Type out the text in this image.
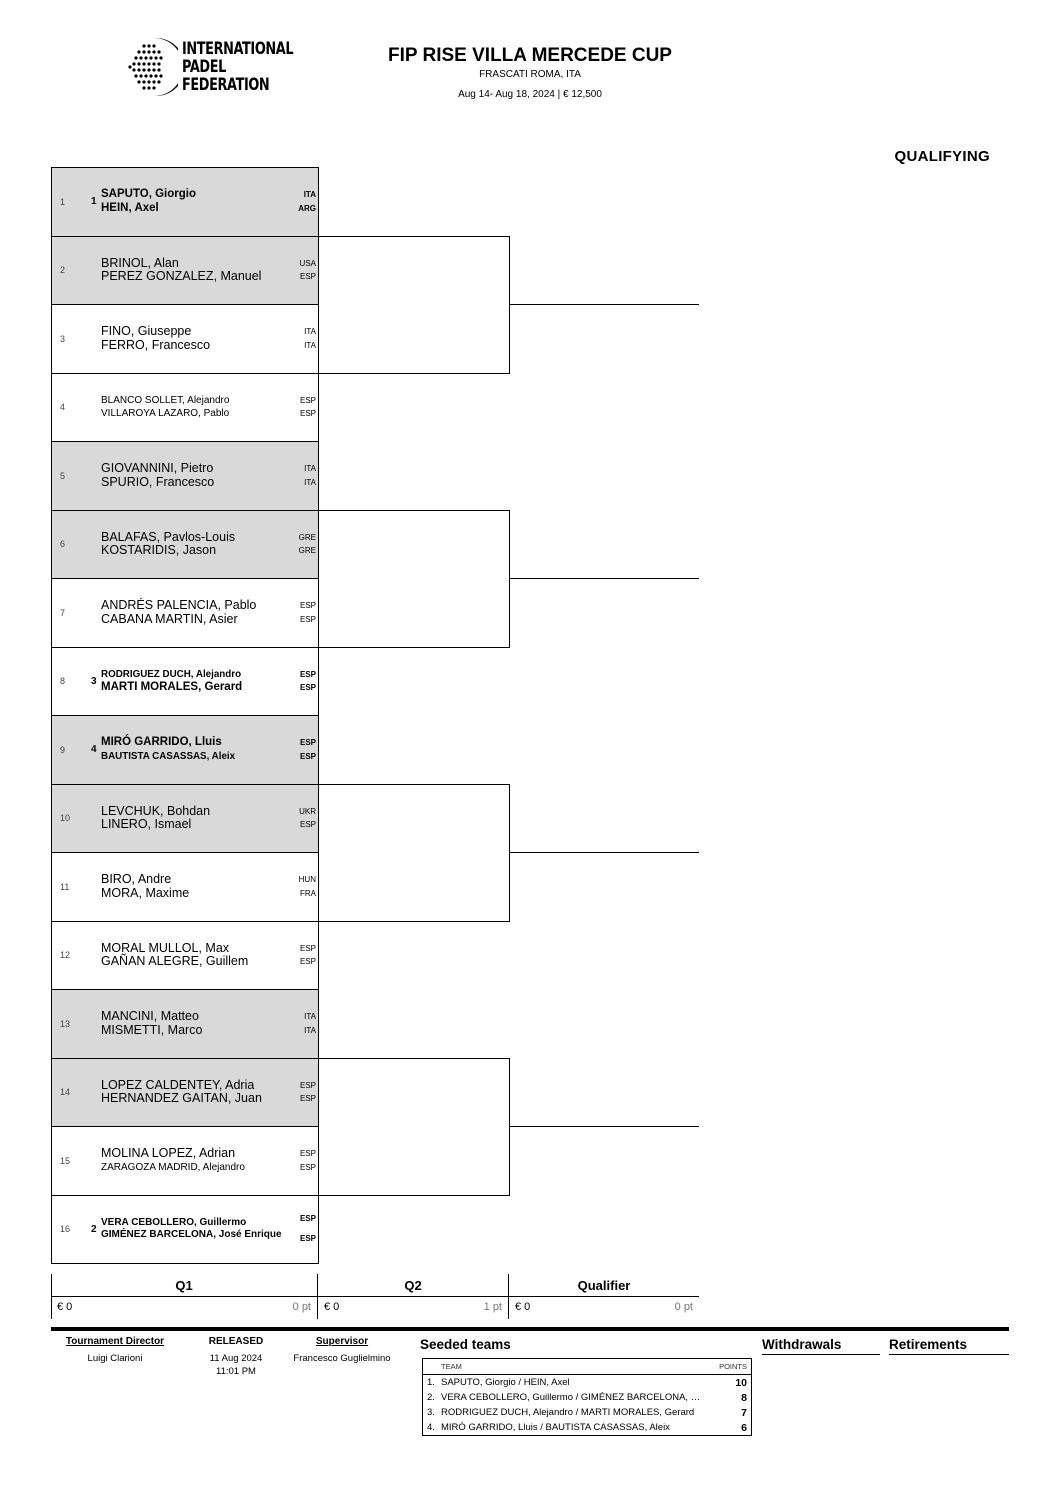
INTERNATIONAL
PADEL
FEDERATION
FIP RISE VILLA MERCEDE CUP
FRASCATI ROMA, ITA
Aug 14- Aug 18, 2024 | € 12,500
QUALIFYING
1	1
SAPUTO, Giorgio
HEIN, Axel
ITA
ARG
2
BRINOL, Alan
PEREZ GONZALEZ, Manuel
USA
ESP
3
FINO, Giuseppe
FERRO, Francesco
ITA
ITA
4
BLANCO SOLLET, Alejandro
VILLAROYA LAZARO, Pablo
ESP
ESP
5
GIOVANNINI, Pietro
SPURIO, Francesco
ITA
ITA
6
BALAFAS, Pavlos-Louis
KOSTARIDIS, Jason
GRE
GRE
7
ANDRÉS PALENCIA, Pablo
CABANA MARTIN, Asier
ESP
ESP
8	3
RODRIGUEZ DUCH, Alejandro
MARTI MORALES, Gerard
ESP
ESP
9	4
MIRÓ GARRIDO, Lluis
BAUTISTA CASASSAS, Aleix
ESP
ESP
10
LEVCHUK, Bohdan
LINERO, Ismael
UKR
ESP
11
BIRO, Andre
MORA, Maxime
HUN
FRA
12
MORAL MULLOL, Max
GAÑAN ALEGRE, Guillem
ESP
ESP
13
MANCINI, Matteo
MISMETTI, Marco
ITA
ITA
14
LOPEZ CALDENTEY, Adria
HERNANDEZ GAITAN, Juan
ESP
ESP
15
MOLINA LOPEZ, Adrian
ZARAGOZA MADRID, Alejandro
ESP
ESP
16 2
VERA CEBOLLERO, Guillermo
GIMÉNEZ BARCELONA, José Enrique
ESP
ESP
Q1	Q2	Qualifier
€ 0	0 pt € 0	1 pt € 0	0 pt
Tournament Director
Luigi Clarioni
RELEASED
11 Aug 2024
11:01 PM
Supervisor
Francesco Guglielmino
Seeded teams	Withdrawals	Retirements
TEAM		POINTS
1.	SAPUTO, Giorgio / HEIN, Axel	10
2.	VERA CEBOLLERO, Guillermo / GIMÉNEZ BARCELONA, …	8
3.	RODRIGUEZ DUCH, Alejandro / MARTI MORALES, Gerard	7
4.	MIRÓ GARRIDO, Lluis / BAUTISTA CASASSAS, Aleix	6
